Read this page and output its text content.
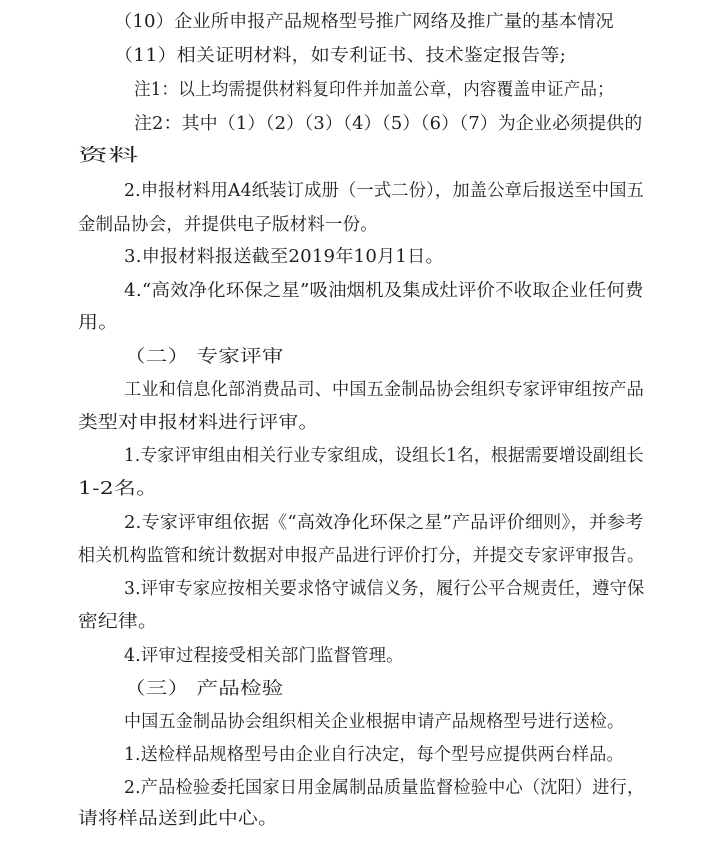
（10）企业所申报产品规格型号推广网络及推广量的基本情况
（11）相关证明材料，如专利证书、技术鉴定报告等;
注1：以上均需提供材料复印件并加盖公章，内容覆盖申证产品；
注2：其中（1）（2）（3）（4）（5）（6）（7）为企业必须提供的
资料
2.申报材料用A4纸装订成册（一式二份），加盖公章后报送至中国五
金制品协会，并提供电子版材料一份。
3.申报材料报送截至2019年10月1日。
4.“高效净化环保之星”吸油烟机及集成灶评价不收取企业任何费
用。
（二） 专家评审
工业和信息化部消费品司、中国五金制品协会组织专家评审组按产品
类型对申报材料进行评审。
1.专家评审组由相关行业专家组成，设组长1名，根据需要增设副组长
1-2名。
2.专家评审组依据《“高效净化环保之星”产品评价细则》，并参考
相关机构监管和统计数据对申报产品进行评价打分，并提交专家评审报告。
3.评审专家应按相关要求恪守诚信义务，履行公平合规责任，遵守保
密纪律。
4.评审过程接受相关部门监督管理。
（三） 产品检验
中国五金制品协会组织相关企业根据申请产品规格型号进行送检。
1.送检样品规格型号由企业自行决定，每个型号应提供两台样品。
2.产品检验委托国家日用金属制品质量监督检验中心（沈阳）进行，
请将样品送到此中心。
